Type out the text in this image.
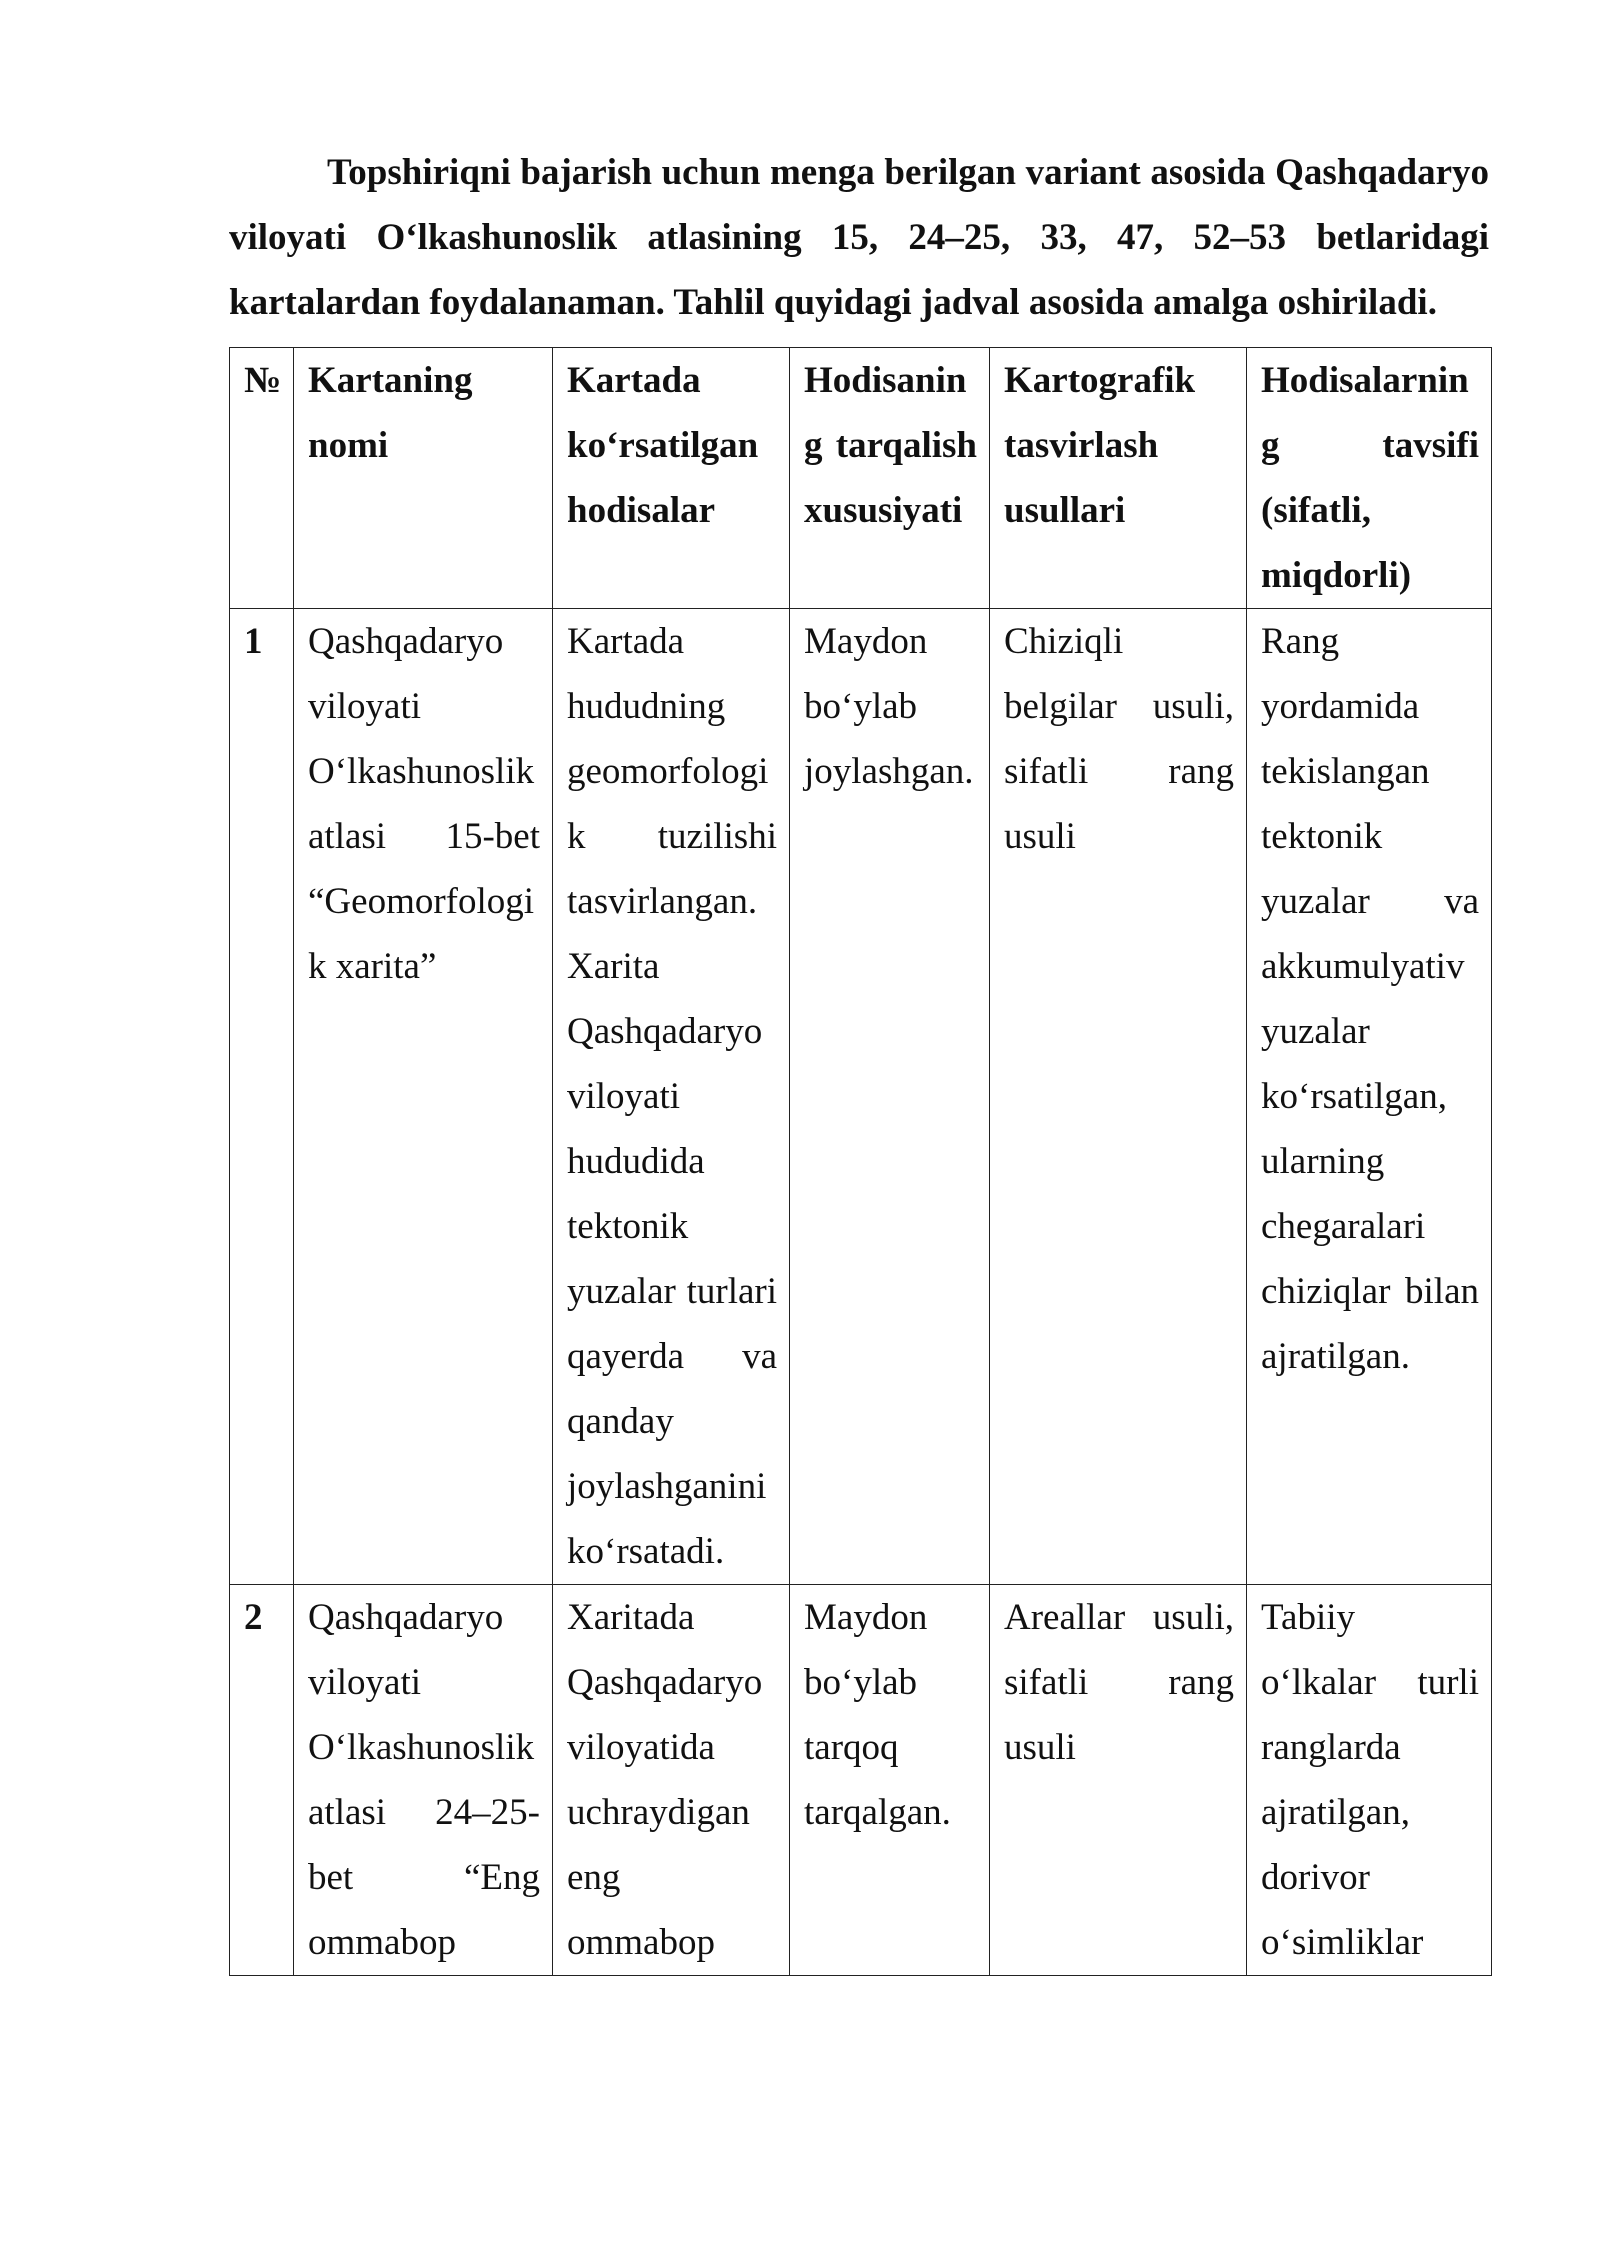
Topshiriqni bajarish uchun menga berilgan variant asosida Qashqadaryo viloyati O‘lkashunoslik atlasining 15, 24–25, 33, 47, 52–53 betlaridagi kartalardan foydalanaman. Tahlil quyidagi jadval asosida amalga oshiriladi.

№	Kartaning nomi	Kartada ko‘rsatilgan hodisalar	Hodisaning tarqalish xususiyati	Kartografik tasvirlash usullari	Hodisalarning tavsifi (sifatli, miqdorli)
1	Qashqadaryo viloyati O‘lkashunoslik atlasi 15-bet “Geomorfologik xarita”	Kartada hududning geomorfologik tuzilishi tasvirlangan. Xarita Qashqadaryo viloyati hududida tektonik yuzalar turlari qayerda va qanday joylashganini ko‘rsatadi.	Maydon bo‘ylab joylashgan.	Chiziqli belgilar usuli, sifatli rang usuli	Rang yordamida tekislangan tektonik yuzalar va akkumulyativ yuzalar ko‘rsatilgan, ularning chegaralari chiziqlar bilan ajratilgan.
2	Qashqadaryo viloyati O‘lkashunoslik atlasi 24–25-bet “Eng ommabop	Xaritada Qashqadaryo viloyatida uchraydigan eng ommabop	Maydon bo‘ylab tarqoq tarqalgan.	Areallar usuli, sifatli rang usuli	Tabiiy o‘lkalar turli ranglarda ajratilgan, dorivor o‘simliklar
